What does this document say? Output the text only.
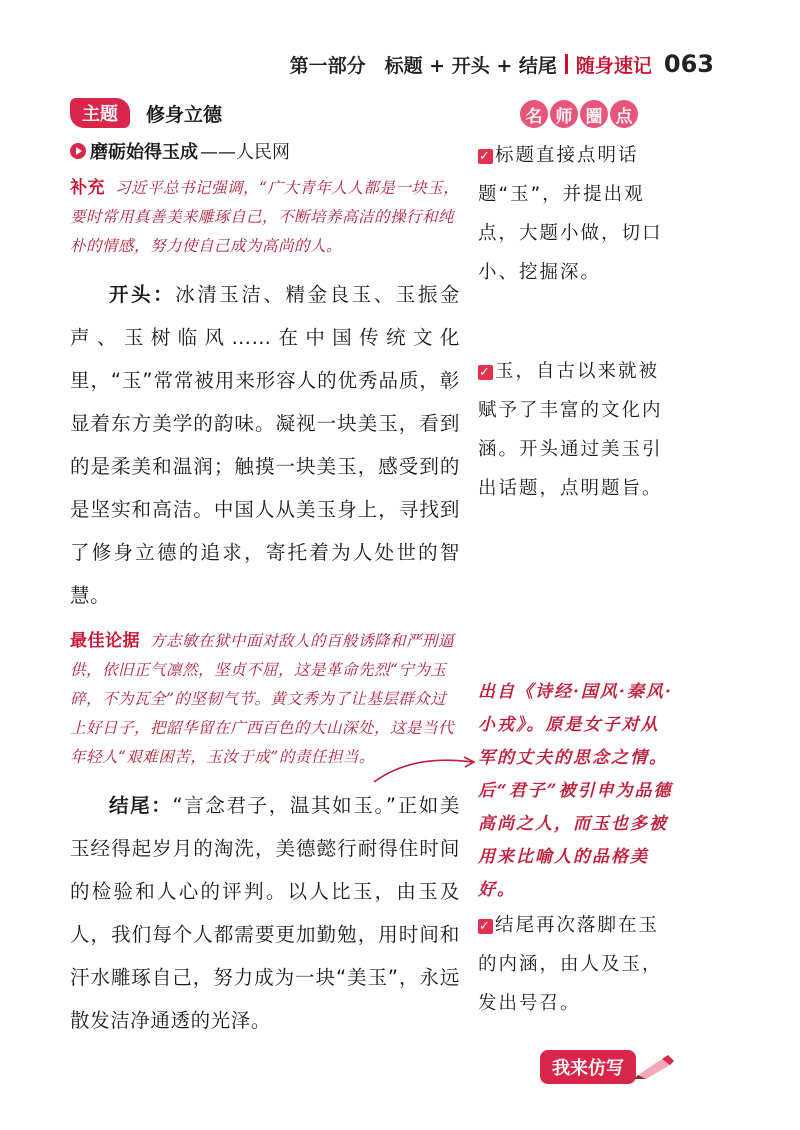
第一部分　标题 + 开头 + 结尾 随身速记 063
主题	修身立德
磨砺始得玉成 ——人民网
补充 习近平总书记强调，“广大青年人人都是一块玉，要时常用真善美来雕琢自己，不断培养高洁的操行和纯朴的情感，努力使自己成为高尚的人。
开头：冰清玉洁、精金良玉、玉振金声、玉树临风……在中国传统文化里，“玉”常常被用来形容人的优秀品质，彰显着东方美学的韵味。凝视一块美玉，看到的是柔美和温润；触摸一块美玉，感受到的是坚实和高洁。中国人从美玉身上，寻找到了修身立德的追求，寄托着为人处世的智慧。
最佳论据 方志敏在狱中面对敌人的百般诱降和严刑逼供，依旧正气凛然，坚贞不屈，这是革命先烈“宁为玉碎，不为瓦全”的坚韧气节。黄文秀为了让基层群众过上好日子，把韶华留在广西百色的大山深处，这是当代年轻人“艰难困苦，玉汝于成”的责任担当。
结尾：“言念君子，温其如玉。”正如美玉经得起岁月的淘洗，美德懿行耐得住时间的检验和人心的评判。以人比玉，由玉及人，我们每个人都需要更加勤勉，用时间和汗水雕琢自己，努力成为一块“美玉”，永远散发洁净通透的光泽。
名 师 圈 点
✓ 标题直接点明话题“玉”，并提出观点，大题小做，切口小、挖掘深。
✓ 玉，自古以来就被赋予了丰富的文化内涵。开头通过美玉引出话题，点明题旨。
出自《诗经·国风·秦风·小戎》。原是女子对从军的丈夫的思念之情。后“君子”被引申为品德高尚之人，而玉也多被用来比喻人的品格美好。
✓ 结尾再次落脚在玉的内涵，由人及玉，发出号召。
我来仿写
